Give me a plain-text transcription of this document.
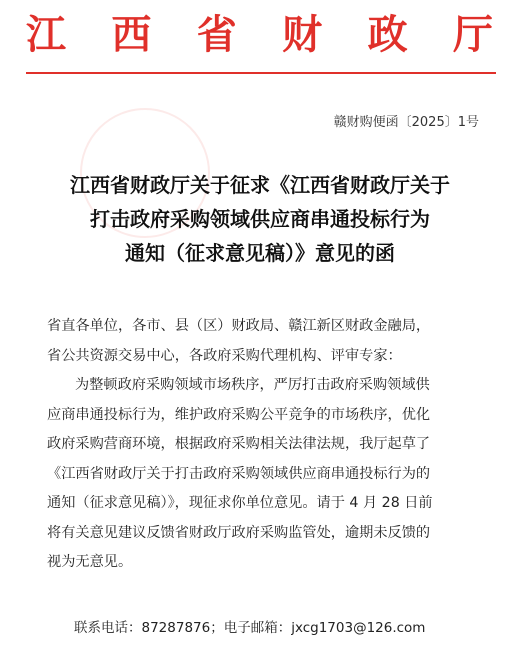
江 西 省 财 政 厅
赣财购便函〔2025〕1号
江西省财政厅关于征求《江西省财政厅关于
打击政府采购领域供应商串通投标行为
通知（征求意见稿）》意见的函
省直各单位，各市、县（区）财政局、赣江新区财政金融局，
省公共资源交易中心，各政府采购代理机构、评审专家：
为整顿政府采购领域市场秩序，严厉打击政府采购领域供
应商串通投标行为，维护政府采购公平竞争的市场秩序，优化
政府采购营商环境，根据政府采购相关法律法规，我厅起草了
《江西省财政厅关于打击政府采购领域供应商串通投标行为的
通知（征求意见稿）》，现征求你单位意见。请于 4 月 28 日前
将有关意见建议反馈省财政厅政府采购监管处，逾期未反馈的
视为无意见。
联系电话：87287876；电子邮箱：jxcg1703@126.com
